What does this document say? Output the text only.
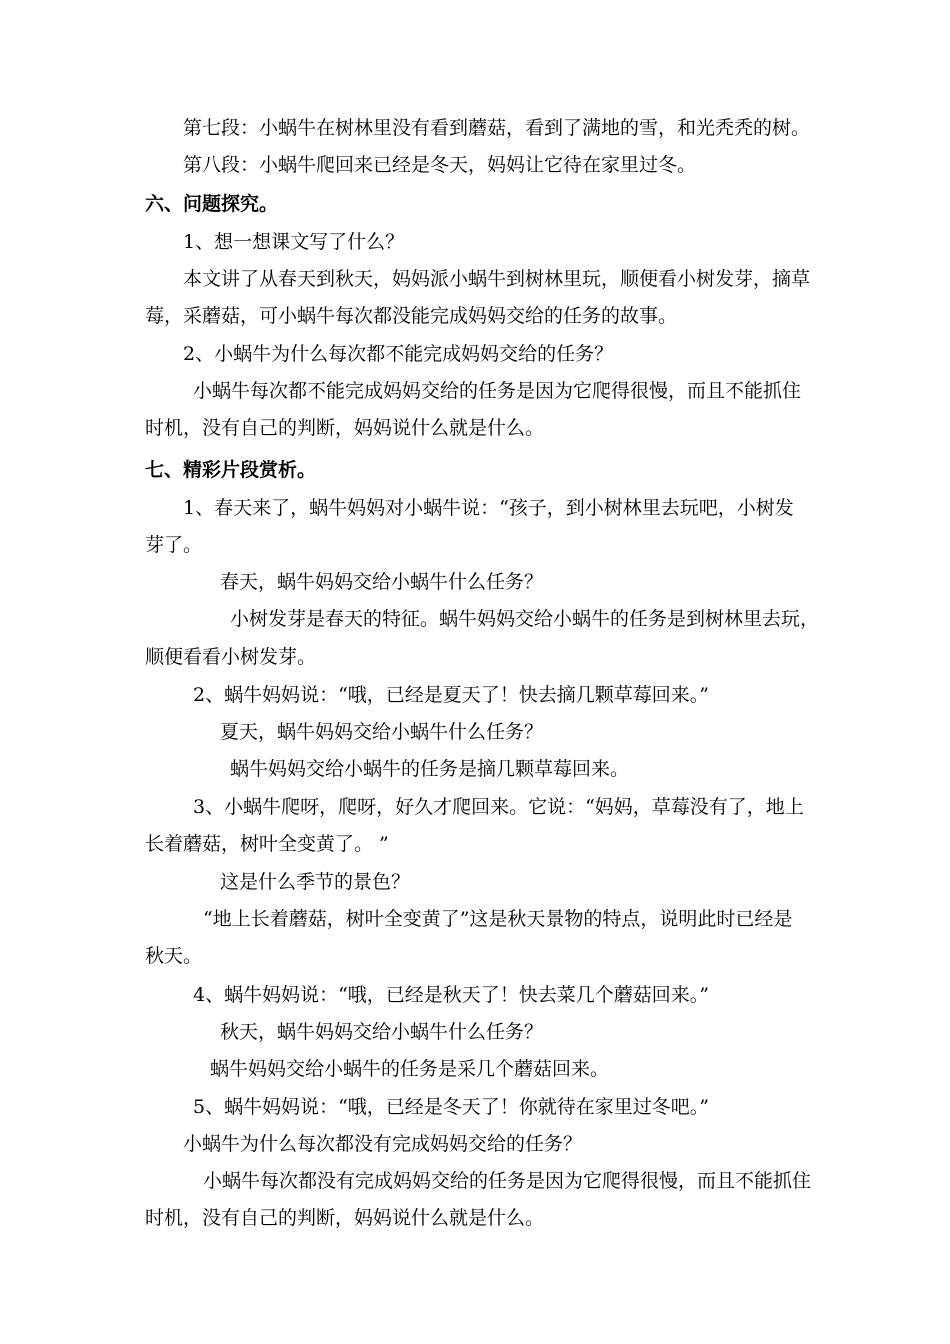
第七段：小蜗牛在树林里没有看到蘑菇，看到了满地的雪，和光秃秃的树。

第八段：小蜗牛爬回来已经是冬天，妈妈让它待在家里过冬。

六、问题探究。

1、想一想课文写了什么？

本文讲了从春天到秋天，妈妈派小蜗牛到树林里玩，顺便看小树发芽，摘草

莓，采蘑菇，可小蜗牛每次都没能完成妈妈交给的任务的故事。

2、小蜗牛为什么每次都不能完成妈妈交给的任务？

小蜗牛每次都不能完成妈妈交给的任务是因为它爬得很慢，而且不能抓住

时机，没有自己的判断，妈妈说什么就是什么。

七、精彩片段赏析。

1、春天来了，蜗牛妈妈对小蜗牛说：“孩子，到小树林里去玩吧，小树发

芽了。

春天，蜗牛妈妈交给小蜗牛什么任务？

小树发芽是春天的特征。蜗牛妈妈交给小蜗牛的任务是到树林里去玩，

顺便看看小树发芽。

2、蜗牛妈妈说：“哦，已经是夏天了！快去摘几颗草莓回来。”

夏天，蜗牛妈妈交给小蜗牛什么任务？

蜗牛妈妈交给小蜗牛的任务是摘几颗草莓回来。

3、小蜗牛爬呀，爬呀，好久才爬回来。它说：“妈妈，草莓没有了，地上

长着蘑菇，树叶全变黄了。 ”

这是什么季节的景色？

“地上长着蘑菇，树叶全变黄了”这是秋天景物的特点，说明此时已经是

秋天。

4、蜗牛妈妈说：“哦，已经是秋天了！快去菜几个蘑菇回来。”

秋天，蜗牛妈妈交给小蜗牛什么任务？

蜗牛妈妈交给小蜗牛的任务是采几个蘑菇回来。

5、蜗牛妈妈说：“哦，已经是冬天了！你就待在家里过冬吧。”

小蜗牛为什么每次都没有完成妈妈交给的任务？

小蜗牛每次都没有完成妈妈交给的任务是因为它爬得很慢，而且不能抓住

时机，没有自己的判断，妈妈说什么就是什么。
